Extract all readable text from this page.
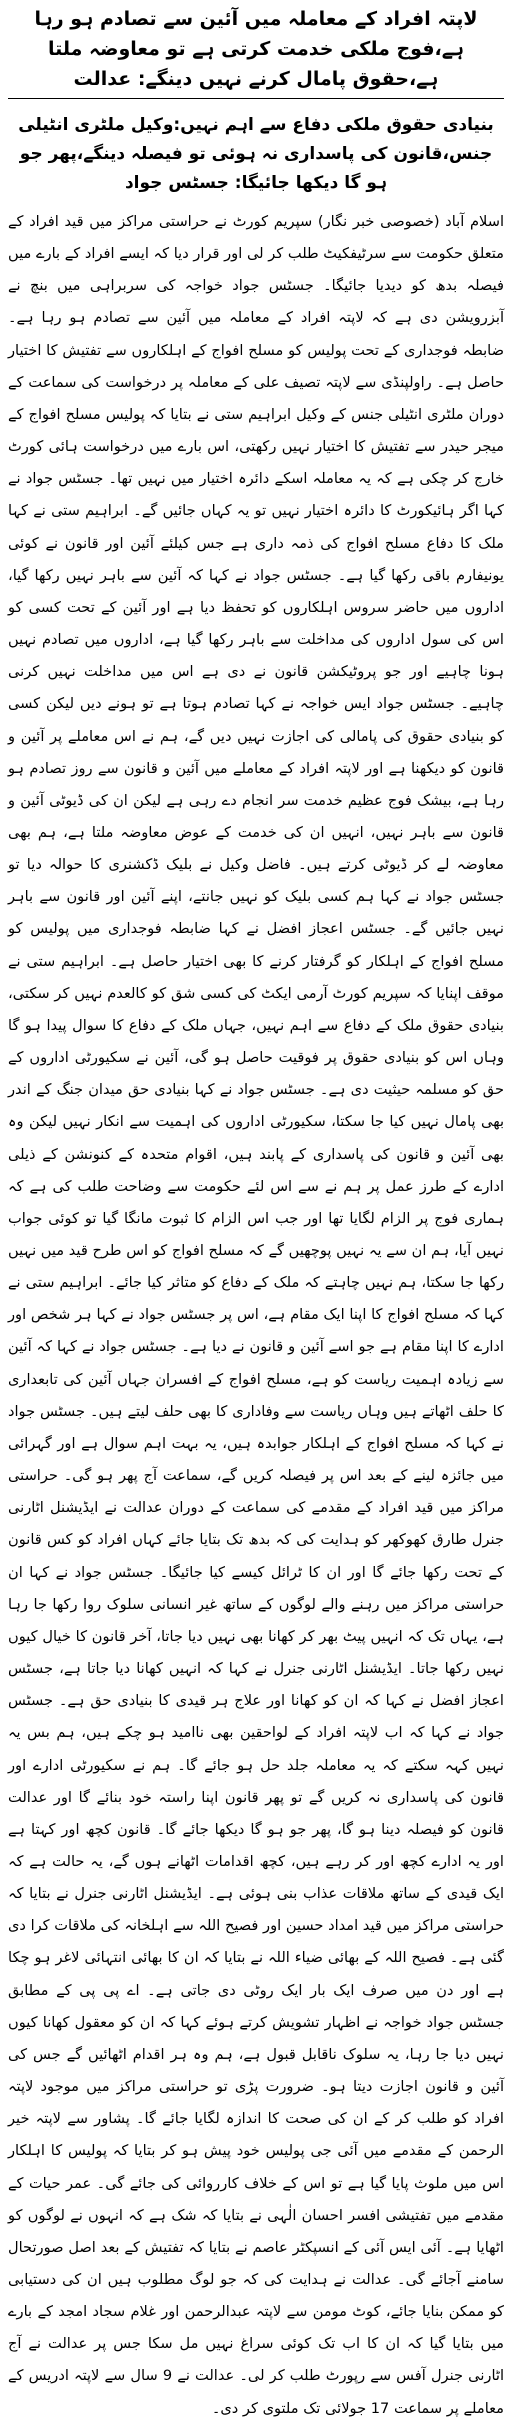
لاپتہ افراد کے معاملہ میں آئین سے تصادم ہو رہا ہے،فوج ملکی خدمت کرتی ہے تو معاوضہ ملتا ہے،حقوق پامال کرنے نہیں دینگے: عدالت
بنیادی حقوق ملکی دفاع سے اہم نہیں:وکیل ملٹری انٹیلی جنس،قانون کی پاسداری نہ ہوئی تو فیصلہ دینگے،پھر جو ہو گا دیکھا جائیگا: جسٹس جواد

اسلام آباد (خصوصی خبر نگار) سپریم کورٹ نے حراستی مراکز میں قید افراد کے متعلق حکومت سے سرٹیفکیٹ طلب کر لی اور قرار دیا کہ ایسے افراد کے بارے میں فیصلہ بدھ کو دیدیا جائیگا۔ جسٹس جواد خواجہ کی سربراہی میں بنچ نے آبزرویشن دی ہے کہ لاپتہ افراد کے معاملہ میں آئین سے تصادم ہو رہا ہے۔ ضابطہ فوجداری کے تحت پولیس کو مسلح افواج کے اہلکاروں سے تفتیش کا اختیار حاصل ہے۔ راولپنڈی سے لاپتہ تصیف علی کے معاملہ پر درخواست کی سماعت کے دوران ملٹری انٹیلی جنس کے وکیل ابراہیم ستی نے بتایا کہ پولیس مسلح افواج کے میجر حیدر سے تفتیش کا اختیار نہیں رکھتی، اس بارے میں درخواست ہائی کورٹ خارج کر چکی ہے کہ یہ معاملہ اسکے دائرہ اختیار میں نہیں تھا۔ جسٹس جواد نے کہا اگر ہائیکورٹ کا دائرہ اختیار نہیں تو یہ کہاں جائیں گے۔ ابراہیم ستی نے کہا ملک کا دفاع مسلح افواج کی ذمہ داری ہے جس کیلئے آئین اور قانون نے کوئی یونیفارم باقی رکھا گیا ہے۔ جسٹس جواد نے کہا کہ آئین سے باہر نہیں رکھا گیا، اداروں میں حاضر سروس اہلکاروں کو تحفظ دیا ہے اور آئین کے تحت کسی کو اس کی سول اداروں کی مداخلت سے باہر رکھا گیا ہے، اداروں میں تصادم نہیں ہونا چاہیے اور جو پروٹیکشن قانون نے دی ہے اس میں مداخلت نہیں کرنی چاہیے۔ جسٹس جواد ایس خواجہ نے کہا تصادم ہوتا ہے تو ہونے دیں لیکن کسی کو بنیادی حقوق کی پامالی کی اجازت نہیں دیں گے، ہم نے اس معاملے پر آئین و قانون کو دیکھنا ہے اور لاپتہ افراد کے معاملے میں آئین و قانون سے روز تصادم ہو رہا ہے، بیشک فوج عظیم خدمت سر انجام دے رہی ہے لیکن ان کی ڈیوٹی آئین و قانون سے باہر نہیں، انہیں ان کی خدمت کے عوض معاوضہ ملتا ہے، ہم بھی معاوضہ لے کر ڈیوٹی کرتے ہیں۔ فاضل وکیل نے بلیک ڈکشنری کا حوالہ دیا تو جسٹس جواد نے کہا ہم کسی بلیک کو نہیں جانتے، اپنے آئین اور قانون سے باہر نہیں جائیں گے۔ جسٹس اعجاز افضل نے کہا ضابطہ فوجداری میں پولیس کو مسلح افواج کے اہلکار کو گرفتار کرنے کا بھی اختیار حاصل ہے۔ ابراہیم ستی نے موقف اپنایا کہ سپریم کورٹ آرمی ایکٹ کی کسی شق کو کالعدم نہیں کر سکتی، بنیادی حقوق ملک کے دفاع سے اہم نہیں، جہاں ملک کے دفاع کا سوال پیدا ہو گا وہاں اس کو بنیادی حقوق پر فوقیت حاصل ہو گی، آئین نے سکیورٹی اداروں کے حق کو مسلمہ حیثیت دی ہے۔ جسٹس جواد نے کہا بنیادی حق میدان جنگ کے اندر بھی پامال نہیں کیا جا سکتا، سکیورٹی اداروں کی اہمیت سے انکار نہیں لیکن وہ بھی آئین و قانون کی پاسداری کے پابند ہیں، اقوام متحدہ کے کنونشن کے ذیلی ادارے کے طرز عمل پر ہم نے سے اس لئے حکومت سے وضاحت طلب کی ہے کہ ہماری فوج پر الزام لگایا تھا اور جب اس الزام کا ثبوت مانگا گیا تو کوئی جواب نہیں آیا، ہم ان سے یہ نہیں پوچھیں گے کہ مسلح افواج کو اس طرح قید میں نہیں رکھا جا سکتا، ہم نہیں چاہتے کہ ملک کے دفاع کو متاثر کیا جائے۔ ابراہیم ستی نے کہا کہ مسلح افواج کا اپنا ایک مقام ہے، اس پر جسٹس جواد نے کہا ہر شخص اور ادارے کا اپنا مقام ہے جو اسے آئین و قانون نے دیا ہے۔ جسٹس جواد نے کہا کہ آئین سے زیادہ اہمیت ریاست کو ہے، مسلح افواج کے افسران جہاں آئین کی تابعداری کا حلف اٹھاتے ہیں وہاں ریاست سے وفاداری کا بھی حلف لیتے ہیں۔ جسٹس جواد نے کہا کہ مسلح افواج کے اہلکار جوابدہ ہیں، یہ بہت اہم سوال ہے اور گہرائی میں جائزہ لینے کے بعد اس پر فیصلہ کریں گے، سماعت آج پھر ہو گی۔ حراستی مراکز میں قید افراد کے مقدمے کی سماعت کے دوران عدالت نے ایڈیشنل اٹارنی جنرل طارق کھوکھر کو ہدایت کی کہ بدھ تک بتایا جائے کہاں افراد کو کس قانون کے تحت رکھا جائے گا اور ان کا ٹرائل کیسے کیا جائیگا۔ جسٹس جواد نے کہا ان حراستی مراکز میں رہنے والے لوگوں کے ساتھ غیر انسانی سلوک روا رکھا جا رہا ہے، یہاں تک کہ انہیں پیٹ بھر کر کھانا بھی نہیں دیا جاتا، آخر قانون کا خیال کیوں نہیں رکھا جاتا۔ ایڈیشنل اٹارنی جنرل نے کہا کہ انہیں کھانا دیا جاتا ہے، جسٹس اعجاز افضل نے کہا کہ ان کو کھانا اور علاج ہر قیدی کا بنیادی حق ہے۔ جسٹس جواد نے کہا کہ اب لاپتہ افراد کے لواحقین بھی ناامید ہو چکے ہیں، ہم بس یہ نہیں کہہ سکتے کہ یہ معاملہ جلد حل ہو جائے گا۔ ہم نے سکیورٹی ادارے اور قانون کی پاسداری نہ کریں گے تو پھر قانون اپنا راستہ خود بنائے گا اور عدالت قانون کو فیصلہ دینا ہو گا، پھر جو ہو گا دیکھا جائے گا۔ قانون کچھ اور کہتا ہے اور یہ ادارے کچھ اور کر رہے ہیں، کچھ اقدامات اٹھانے ہوں گے، یہ حالت ہے کہ ایک قیدی کے ساتھ ملاقات عذاب بنی ہوئی ہے۔ ایڈیشنل اٹارنی جنرل نے بتایا کہ حراستی مراکز میں قید امداد حسین اور فصیح اللہ سے اہلخانہ کی ملاقات کرا دی گئی ہے۔ فصیح اللہ کے بھائی ضیاء اللہ نے بتایا کہ ان کا بھائی انتہائی لاغر ہو چکا ہے اور دن میں صرف ایک بار ایک روٹی دی جاتی ہے۔ اے پی پی کے مطابق جسٹس جواد خواجہ نے اظہار تشویش کرتے ہوئے کہا کہ ان کو معقول کھانا کیوں نہیں دیا جا رہا، یہ سلوک ناقابل قبول ہے، ہم وہ ہر اقدام اٹھائیں گے جس کی آئین و قانون اجازت دیتا ہو۔ ضرورت پڑی تو حراستی مراکز میں موجود لاپتہ افراد کو طلب کر کے ان کی صحت کا اندازہ لگایا جائے گا۔ پشاور سے لاپتہ خیر الرحمن کے مقدمے میں آئی جی پولیس خود پیش ہو کر بتایا کہ پولیس کا اہلکار اس میں ملوث پایا گیا ہے تو اس کے خلاف کارروائی کی جائے گی۔ عمر حیات کے مقدمے میں تفتیشی افسر احسان الٰہی نے بتایا کہ شک ہے کہ انہوں نے لوگوں کو اٹھایا ہے۔ آئی ایس آئی کے انسپکٹر عاصم نے بتایا کہ تفتیش کے بعد اصل صورتحال سامنے آجائے گی۔ عدالت نے ہدایت کی کہ جو لوگ مطلوب ہیں ان کی دستیابی کو ممکن بنایا جائے، کوٹ مومن سے لاپتہ عبدالرحمن اور غلام سجاد امجد کے بارے میں بتایا گیا کہ ان کا اب تک کوئی سراغ نہیں مل سکا جس پر عدالت نے آج اٹارنی جنرل آفس سے رپورٹ طلب کر لی۔ عدالت نے 9 سال سے لاپتہ ادریس کے معاملے پر سماعت 17 جولائی تک ملتوی کر دی۔
